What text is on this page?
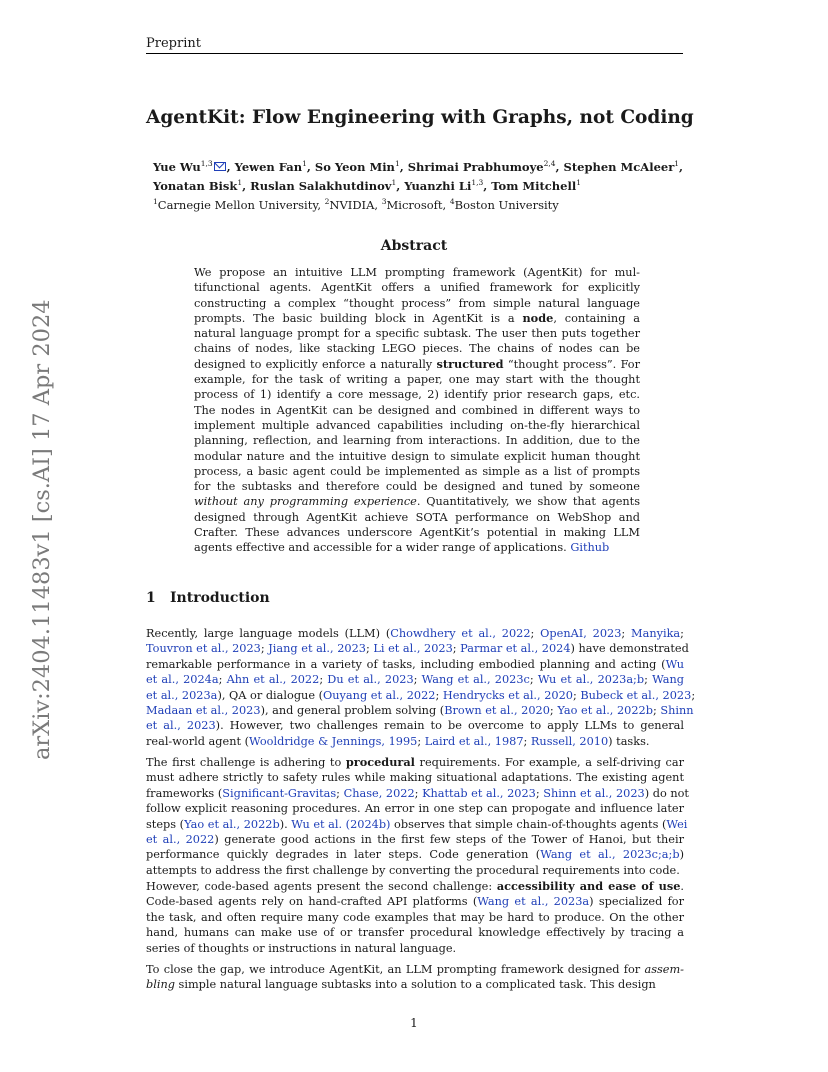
Preprint
arXiv:2404.11483v1 [cs.AI] 17 Apr 2024
AgentKit: Flow Engineering with Graphs, not Coding
Yue Wu$^{1,3}$ , Yewen Fan$^1$, So Yeon Min$^1$, Shrimai Prabhumoye$^{2,4}$, Stephen McAleer$^1$,
Yonatan Bisk$^1$, Ruslan Salakhutdinov$^1$, Yuanzhi Li$^{1,3}$, Tom Mitchell$^1$
$^1$Carnegie Mellon University, $^2$NVIDIA, $^3$Microsoft, $^4$Boston University
Abstract
We propose an intuitive LLM prompting framework (AgentKit) for mul-
tifunctional agents. AgentKit offers a unified framework for explicitly
constructing a complex “thought process” from simple natural language
prompts. The basic building block in AgentKit is a node, containing a
natural language prompt for a specific subtask. The user then puts together
chains of nodes, like stacking LEGO pieces. The chains of nodes can be
designed to explicitly enforce a naturally structured “thought process”. For
example, for the task of writing a paper, one may start with the thought
process of 1) identify a core message, 2) identify prior research gaps, etc.
The nodes in AgentKit can be designed and combined in different ways to
implement multiple advanced capabilities including on-the-fly hierarchical
planning, reflection, and learning from interactions. In addition, due to the
modular nature and the intuitive design to simulate explicit human thought
process, a basic agent could be implemented as simple as a list of prompts
for the subtasks and therefore could be designed and tuned by someone
without any programming experience. Quantitatively, we show that agents
designed through AgentKit achieve SOTA performance on WebShop and
Crafter. These advances underscore AgentKit’s potential in making LLM
agents effective and accessible for a wider range of applications. Github
1 Introduction
Recently, large language models (LLM) (Chowdhery et al., 2022; OpenAI, 2023; Manyika;
Touvron et al., 2023; Jiang et al., 2023; Li et al., 2023; Parmar et al., 2024) have demonstrated
remarkable performance in a variety of tasks, including embodied planning and acting (Wu
et al., 2024a; Ahn et al., 2022; Du et al., 2023; Wang et al., 2023c; Wu et al., 2023a;b; Wang
et al., 2023a), QA or dialogue (Ouyang et al., 2022; Hendrycks et al., 2020; Bubeck et al., 2023;
Madaan et al., 2023), and general problem solving (Brown et al., 2020; Yao et al., 2022b; Shinn
et al., 2023). However, two challenges remain to be overcome to apply LLMs to general
real-world agent (Wooldridge & Jennings, 1995; Laird et al., 1987; Russell, 2010) tasks.
The first challenge is adhering to procedural requirements. For example, a self-driving car
must adhere strictly to safety rules while making situational adaptations. The existing agent
frameworks (Significant-Gravitas; Chase, 2022; Khattab et al., 2023; Shinn et al., 2023) do not
follow explicit reasoning procedures. An error in one step can propogate and influence later
steps (Yao et al., 2022b). Wu et al. (2024b) observes that simple chain-of-thoughts agents (Wei
et al., 2022) generate good actions in the first few steps of the Tower of Hanoi, but their
performance quickly degrades in later steps. Code generation (Wang et al., 2023c;a;b)
attempts to address the first challenge by converting the procedural requirements into code.
However, code-based agents present the second challenge: accessibility and ease of use.
Code-based agents rely on hand-crafted API platforms (Wang et al., 2023a) specialized for
the task, and often require many code examples that may be hard to produce. On the other
hand, humans can make use of or transfer procedural knowledge effectively by tracing a
series of thoughts or instructions in natural language.
To close the gap, we introduce AgentKit, an LLM prompting framework designed for assem-
bling simple natural language subtasks into a solution to a complicated task. This design
1
